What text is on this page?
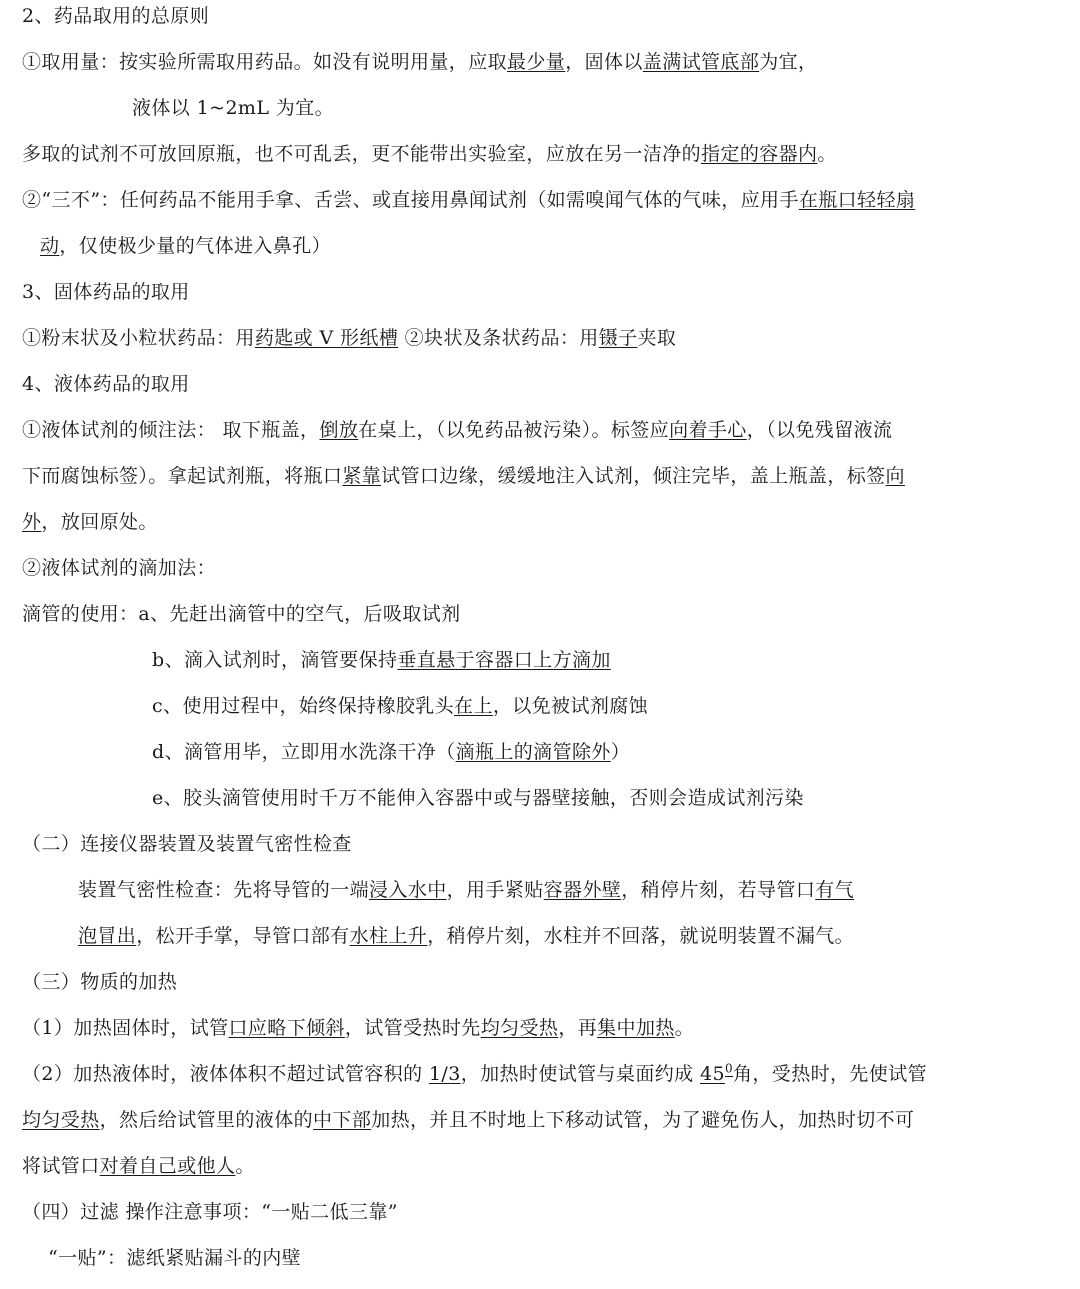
2、药品取用的总原则
①取用量：按实验所需取用药品。如没有说明用量，应取最少量，固体以盖满试管底部为宜，
液体以 1~2mL 为宜。
多取的试剂不可放回原瓶，也不可乱丢，更不能带出实验室，应放在另一洁净的指定的容器内。
②“三不”：任何药品不能用手拿、舌尝、或直接用鼻闻试剂（如需嗅闻气体的气味，应用手在瓶口轻轻扇
动，仅使极少量的气体进入鼻孔）
3、固体药品的取用
①粉末状及小粒状药品：用药匙或 V 形纸槽 ②块状及条状药品：用镊子夹取
4、液体药品的取用
①液体试剂的倾注法： 取下瓶盖，倒放在桌上，（以免药品被污染）。标签应向着手心，（以免残留液流
下而腐蚀标签）。拿起试剂瓶，将瓶口紧靠试管口边缘，缓缓地注入试剂，倾注完毕，盖上瓶盖，标签向
外，放回原处。
②液体试剂的滴加法：
滴管的使用：a、先赶出滴管中的空气，后吸取试剂
b、滴入试剂时，滴管要保持垂直悬于容器口上方滴加
c、使用过程中，始终保持橡胶乳头在上，以免被试剂腐蚀
d、滴管用毕，立即用水洗涤干净（滴瓶上的滴管除外）
e、胶头滴管使用时千万不能伸入容器中或与器壁接触，否则会造成试剂污染
（二）连接仪器装置及装置气密性检查
装置气密性检查：先将导管的一端浸入水中，用手紧贴容器外壁，稍停片刻，若导管口有气
泡冒出，松开手掌，导管口部有水柱上升，稍停片刻，水柱并不回落，就说明装置不漏气。
（三）物质的加热
（1）加热固体时，试管口应略下倾斜，试管受热时先均匀受热，再集中加热。
（2）加热液体时，液体体积不超过试管容积的 1/3，加热时使试管与桌面约成 $45^0$角，受热时，先使试管
均匀受热，然后给试管里的液体的中下部加热，并且不时地上下移动试管，为了避免伤人，加热时切不可
将试管口对着自己或他人。
（四）过滤 操作注意事项：“一贴二低三靠”
“一贴”：滤纸紧贴漏斗的内壁
